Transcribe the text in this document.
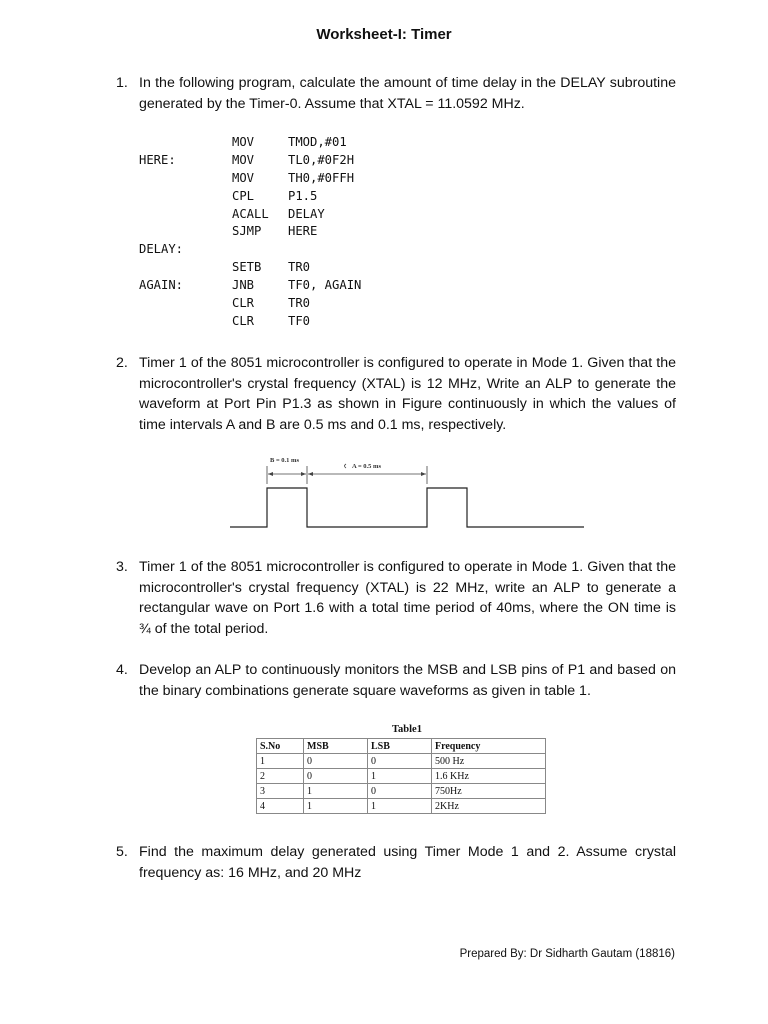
Worksheet-I: Timer
1. In the following program, calculate the amount of time delay in the DELAY subroutine generated by the Timer-0. Assume that XTAL = 11.0592 MHz.
MOV	TMOD,#01
HERE:	MOV	TL0,#0F2H
MOV	TH0,#0FFH
CPL	P1.5
ACALL DELAY
SJMP HERE
DELAY:
SETB TR0
AGAIN:	JNB	TF0, AGAIN
CLR	TR0
CLR	TF0
2. Timer 1 of the 8051 microcontroller is configured to operate in Mode 1. Given that the microcontroller's crystal frequency (XTAL) is 12 MHz, Write an ALP to generate the waveform at Port Pin P1.3 as shown in Figure continuously in which the values of time intervals A and B are 0.5 ms and 0.1 ms, respectively.
B = 0.1 ms
A = 0.5 ms
3. Timer 1 of the 8051 microcontroller is configured to operate in Mode 1. Given that the microcontroller's crystal frequency (XTAL) is 22 MHz, write an ALP to generate a rectangular wave on Port 1.6 with a total time period of 40ms, where the ON time is ¾ of the total period.
4. Develop an ALP to continuously monitors the MSB and LSB pins of P1 and based on the binary combinations generate square waveforms as given in table 1.
Table1
S.No	MSB	LSB	Frequency
1	0	0	500 Hz
2	0	1	1.6 KHz
3	1	0	750Hz
4	1	1	2KHz
5. Find the maximum delay generated using Timer Mode 1 and 2. Assume crystal frequency as: 16 MHz, and 20 MHz
Prepared By: Dr Sidharth Gautam (18816)
